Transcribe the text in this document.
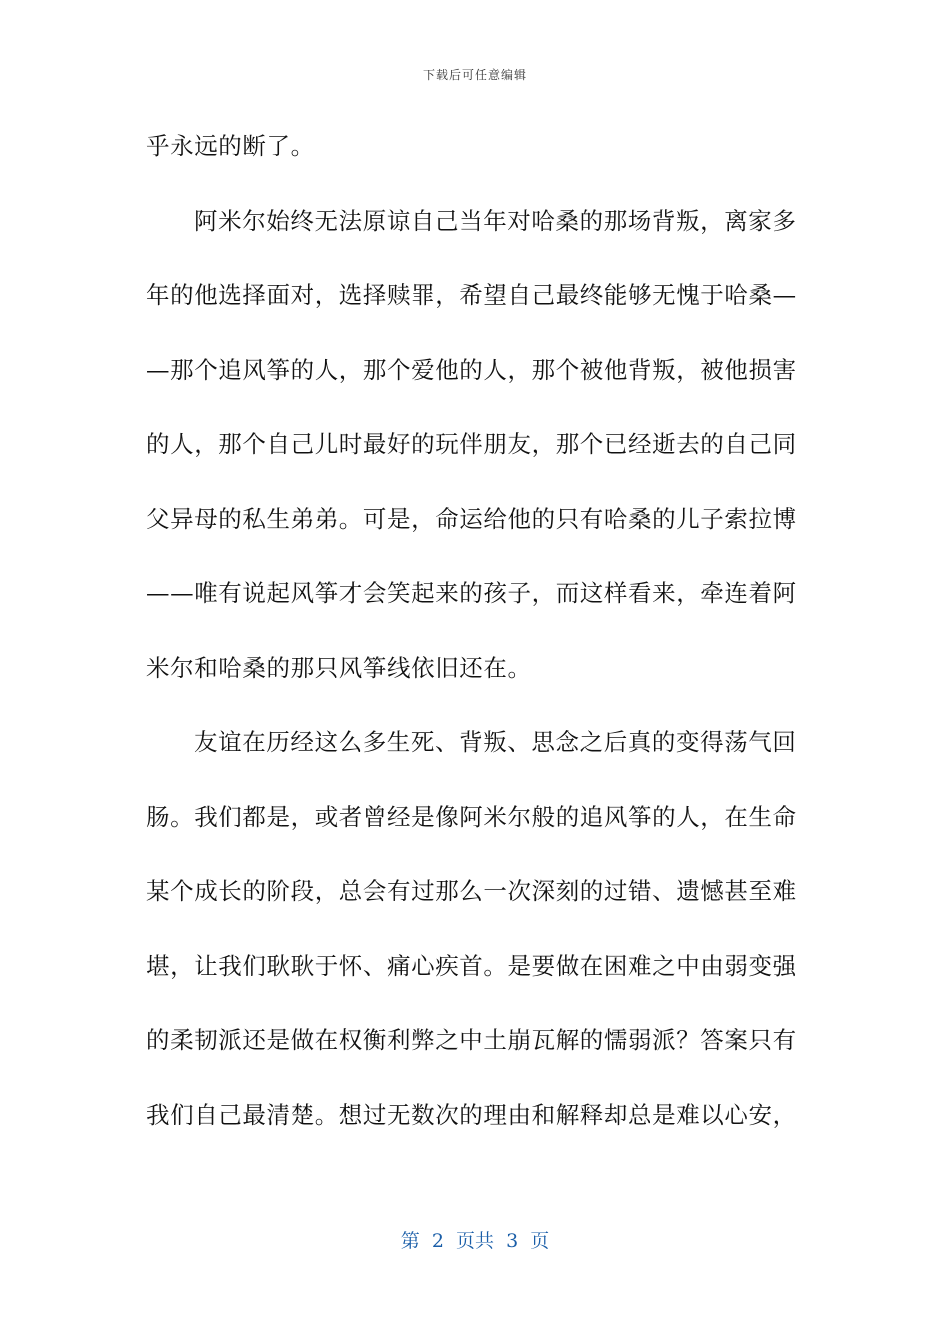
下载后可任意编辑
乎永远的断了。
阿米尔始终无法原谅自己当年对哈桑的那场背叛，离家多
年的他选择面对，选择赎罪，希望自己最终能够无愧于哈桑—
—那个追风筝的人，那个爱他的人，那个被他背叛，被他损害
的人，那个自己儿时最好的玩伴朋友，那个已经逝去的自己同
父异母的私生弟弟。可是，命运给他的只有哈桑的儿子索拉博
——唯有说起风筝才会笑起来的孩子，而这样看来，牵连着阿
米尔和哈桑的那只风筝线依旧还在。
友谊在历经这么多生死、背叛、思念之后真的变得荡气回
肠。我们都是，或者曾经是像阿米尔般的追风筝的人，在生命
某个成长的阶段，总会有过那么一次深刻的过错、遗憾甚至难
堪，让我们耿耿于怀、痛心疾首。是要做在困难之中由弱变强
的柔韧派还是做在权衡利弊之中土崩瓦解的懦弱派？答案只有
我们自己最清楚。想过无数次的理由和解释却总是难以心安，
第  2  页共  3  页
